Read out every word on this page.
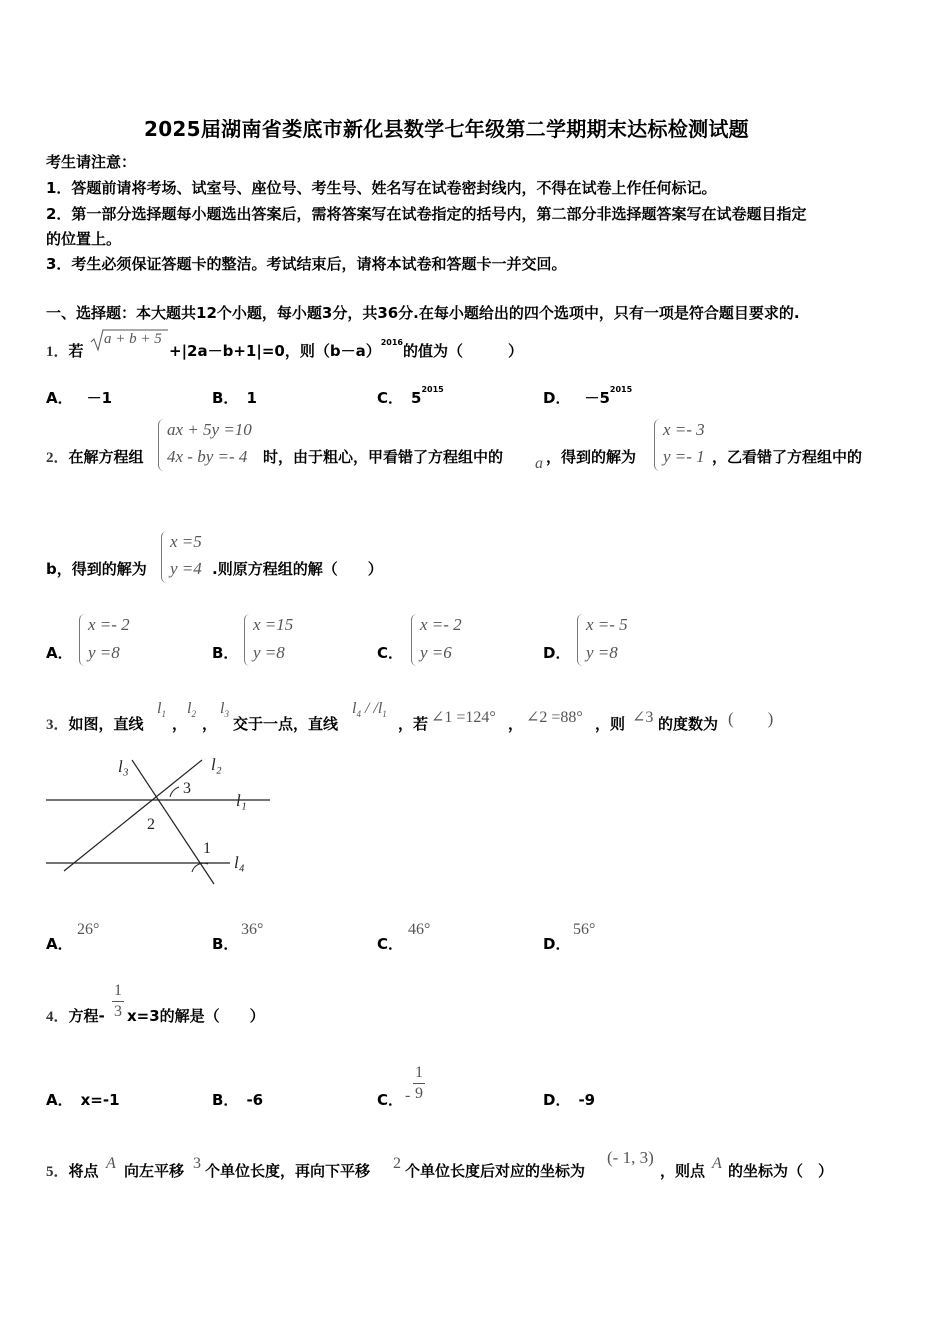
2025届湖南省娄底市新化县数学七年级第二学期期末达标检测试题
考生请注意：
1．答题前请将考场、试室号、座位号、考生号、姓名写在试卷密封线内，不得在试卷上作任何标记。
2．第一部分选择题每小题选出答案后，需将答案写在试卷指定的括号内，第二部分非选择题答案写在试卷题目指定
的位置上。
3．考生必须保证答题卡的整洁。考试结束后，请将本试卷和答题卡一并交回。
一、选择题：本大题共12个小题，每小题3分，共36分.在每小题给出的四个选项中，只有一项是符合题目要求的.
1．若
a + b + 5
+|2a－b+1|=0，则$(b-a)^{2016}$的值为（　　　）
A． －1	B． 1	C． $5^{2015}$	D． $-5^{2015}$
2．在解方程组
ax + 5y =10
4x - by =- 4 时，由于粗心，甲看错了方程组中的 a ，得到的解为
x =- 3
y =- 1 ，乙看错了方程组中的
b，得到的解为
x =5
y =4 .则原方程组的解（　　）
A．
x =- 2
y =8	B．
x =15
y =8	C．
x =- 2
y =6	D．
x =- 5
y =8
3．如图，直线
$l_1$
，
$l_2$
，
$l_3$
交于一点，直线
$l_4 / /l_1$
，若 ∠1 =124° ， ∠2 =88° ，则 ∠3 的度数为 (　　)
l₃	l₂
l₁
l₄
3
2
1
A．
26°
B．
36°
C．
46°
D．
56°
4．方程-
1
3 x=3的解是（　　）
A． x=-1	B． -6	C． -
1
9	D． -9
5．将点 A 向左平移 3 个单位长度，再向下平移 2 个单位长度后对应的坐标为
(- 1, 3)
，则点 A 的坐标为（　）
